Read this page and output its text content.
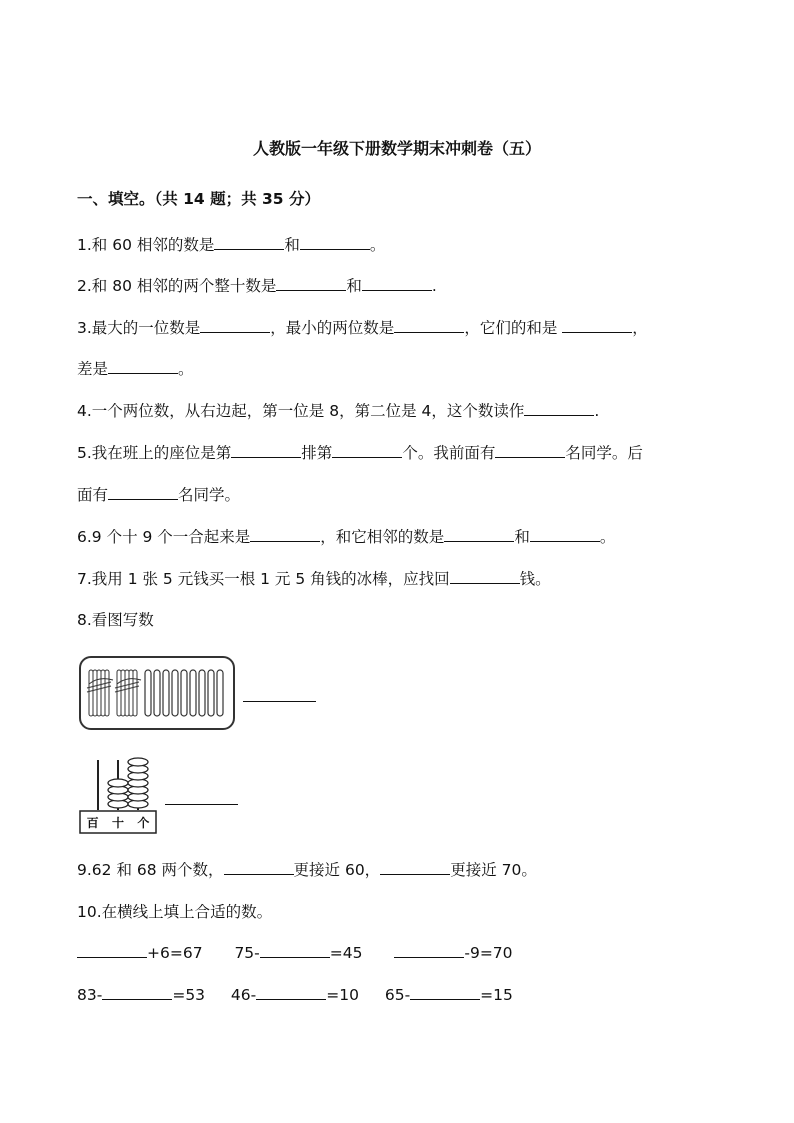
人教版一年级下册数学期末冲刺卷（五）
一、填空。（共 14 题；共 35 分）
1.和 60 相邻的数是	和	。
2.和 80 相邻的两个整十数是	和	.
3.最大的一位数是	，最小的两位数是	，它们的和是	，
差是	。
4.一个两位数，从右边起，第一位是 8，第二位是 4，这个数读作	.
5.我在班上的座位是第	排第	个。我前面有	名同学。后
面有	名同学。
6.9 个十 9 个一合起来是	，和它相邻的数是	和	。
7.我用 1 张 5 元钱买一根 1 元 5 角钱的冰棒，应找回	钱。
8.看图写数
百 十 个
9.62 和 68 两个数，	更接近 60，	更接近 70。
10.在横线上填上合适的数。
+6=67 75-	=45	-9=70
83-	=53 46-	=10 65-	=15
